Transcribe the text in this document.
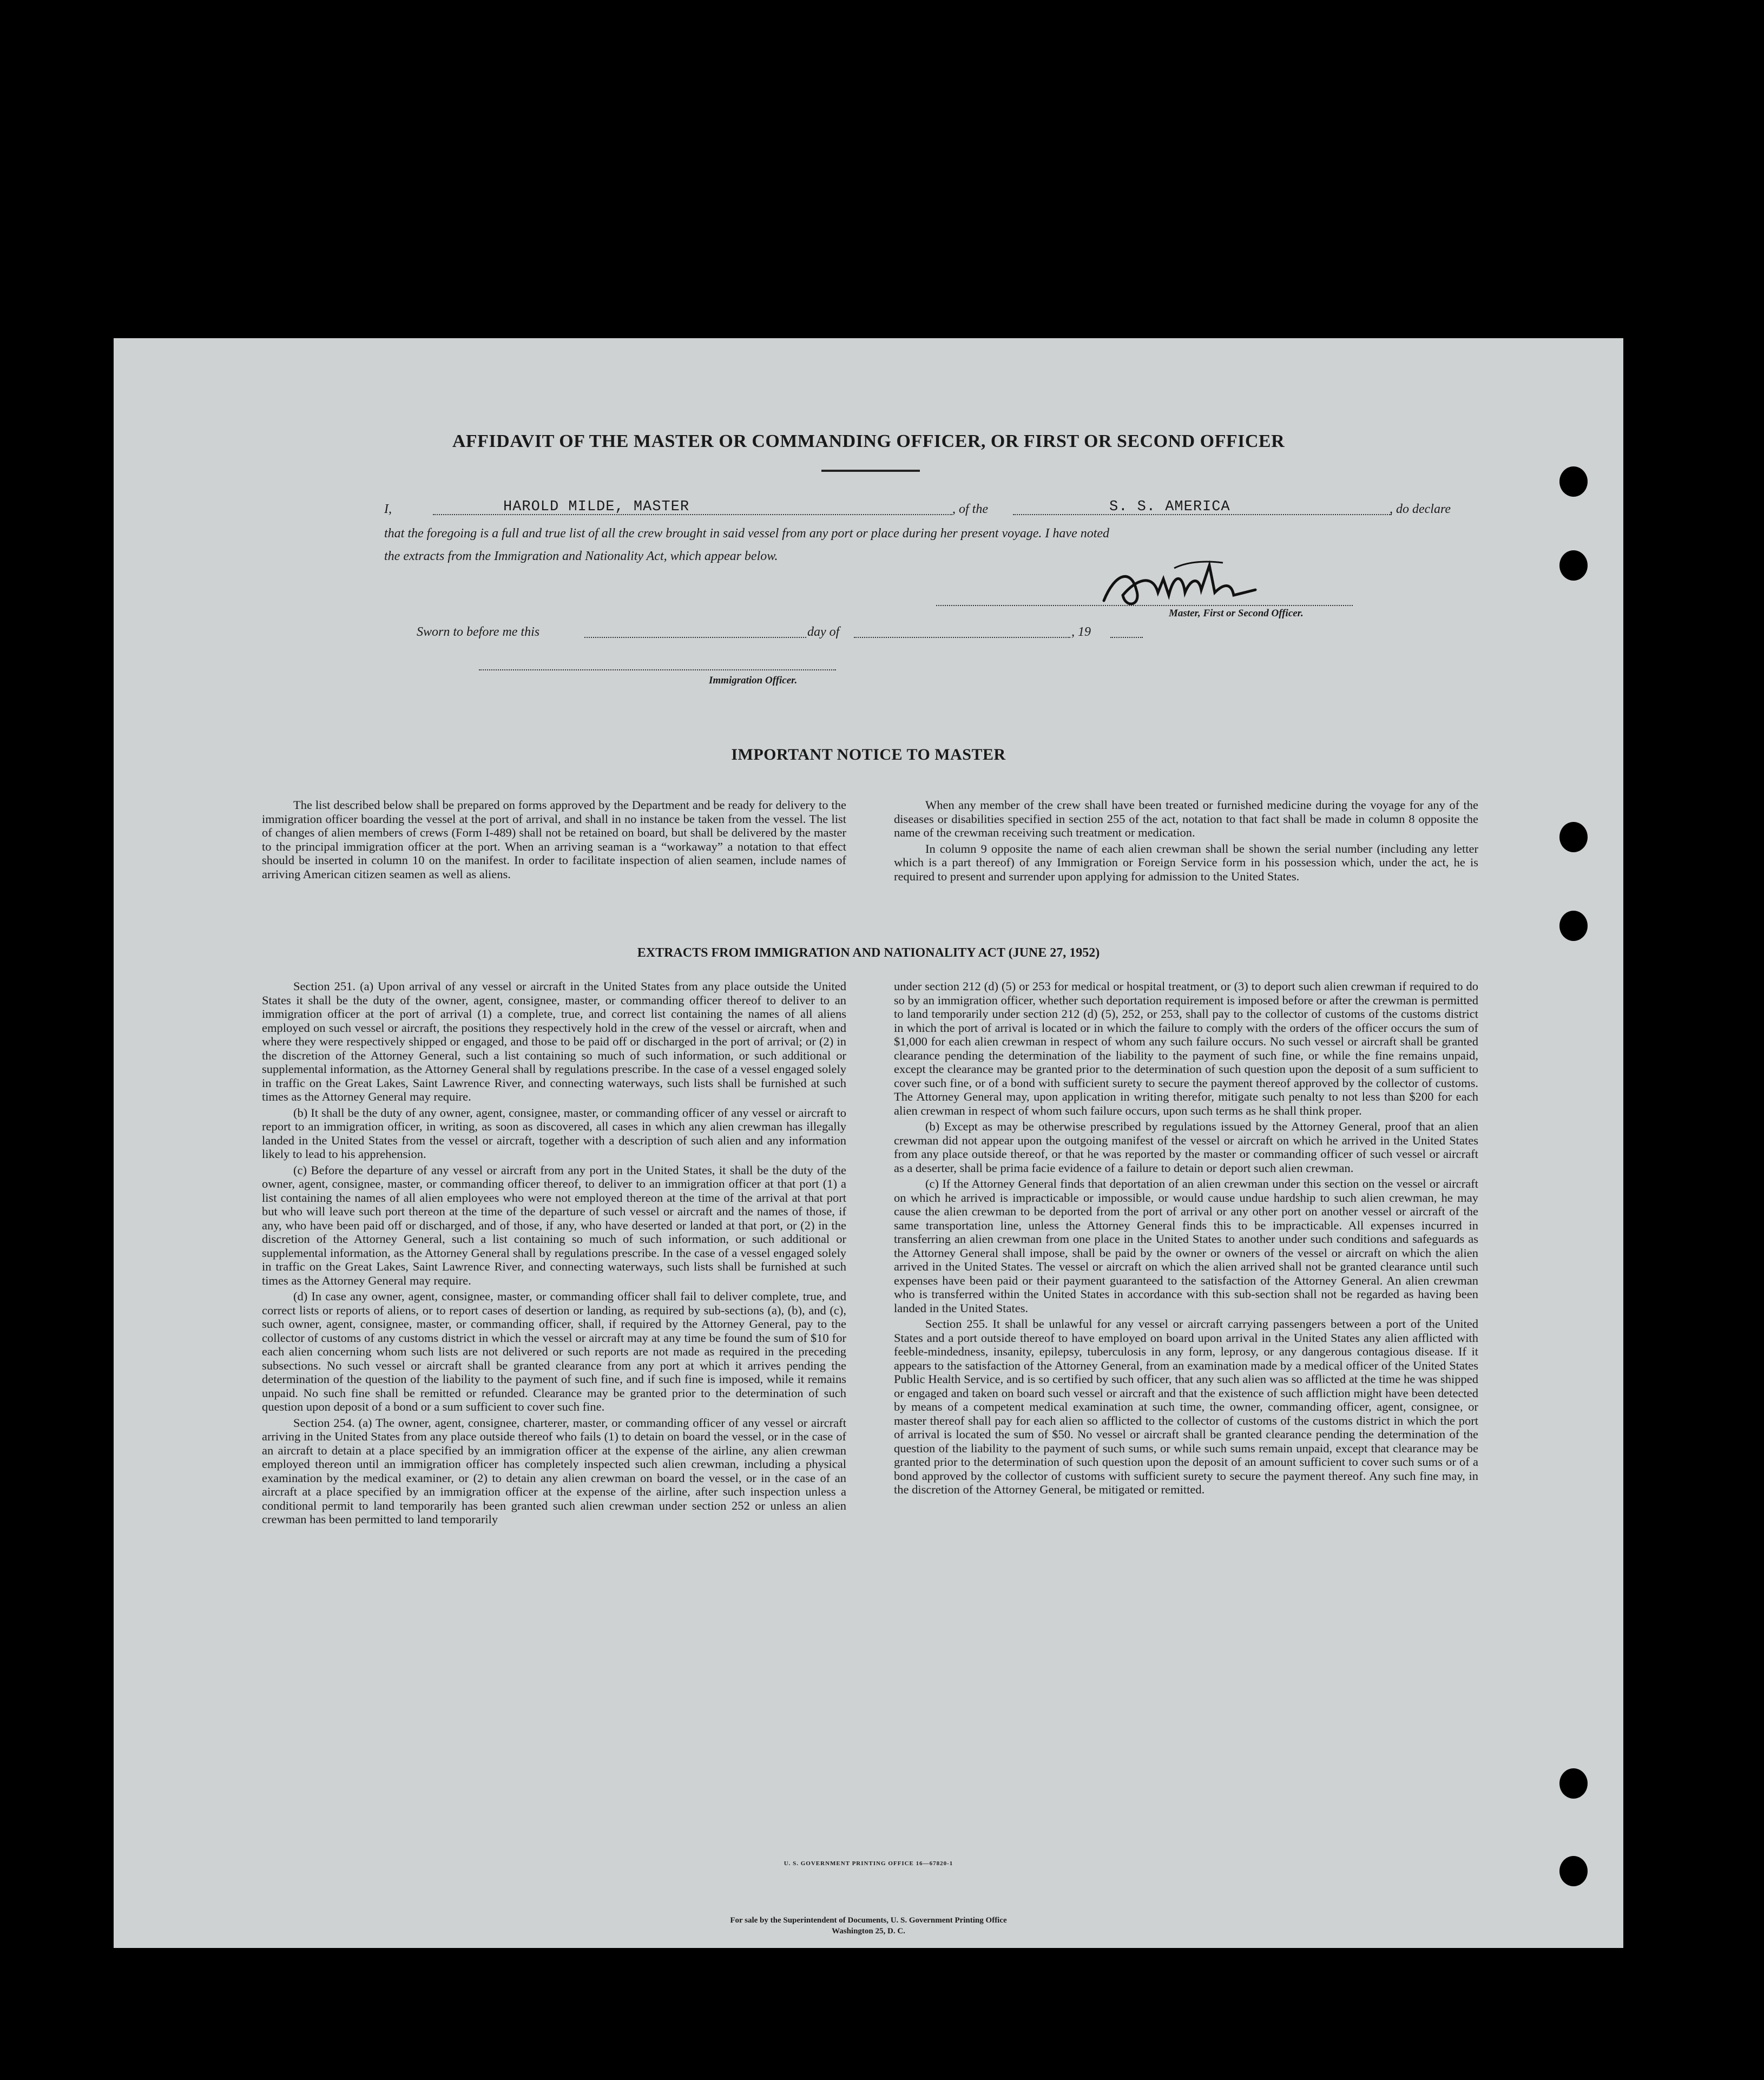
AFFIDAVIT OF THE MASTER OR COMMANDING OFFICER, OR FIRST OR SECOND OFFICER
I,	HAROLD MILDE, MASTER	, of the	S. S. AMERICA	, do declare
that the foregoing is a full and true list of all the crew brought in said vessel from any port or place during her present voyage. I have noted
the extracts from the Immigration and Nationality Act, which appear below.
Master, First or Second Officer.
Sworn to before me this	day of	, 19
Immigration Officer.
IMPORTANT NOTICE TO MASTER

The list described below shall be prepared on forms approved by the Department and be ready for delivery to the immigration officer boarding the vessel at the port of arrival, and shall in no instance be taken from the vessel. The list of changes of alien members of crews (Form I-489) shall not be retained on board, but shall be delivered by the master to the principal immigration officer at the port. When an arriving seaman is a “workaway” a notation to that effect should be inserted in column 10 on the manifest. In order to facilitate inspection of alien seamen, include names of arriving American citizen seamen as well as aliens.

When any member of the crew shall have been treated or furnished medicine during the voyage for any of the diseases or disabilities specified in section 255 of the act, notation to that fact shall be made in column 8 opposite the name of the crewman receiving such treatment or medication.

In column 9 opposite the name of each alien crewman shall be shown the serial number (including any letter which is a part thereof) of any Immigration or Foreign Service form in his possession which, under the act, he is required to present and surrender upon applying for admission to the United States.

EXTRACTS FROM IMMIGRATION AND NATIONALITY ACT (JUNE 27, 1952)

Section 251. (a) Upon arrival of any vessel or aircraft in the United States from any place outside the United States it shall be the duty of the owner, agent, consignee, master, or commanding officer thereof to deliver to an immigration officer at the port of arrival (1) a complete, true, and correct list containing the names of all aliens employed on such vessel or aircraft, the positions they respectively hold in the crew of the vessel or aircraft, when and where they were respectively shipped or engaged, and those to be paid off or discharged in the port of arrival; or (2) in the discretion of the Attorney General, such a list containing so much of such information, or such additional or supplemental information, as the Attorney General shall by regulations prescribe. In the case of a vessel engaged solely in traffic on the Great Lakes, Saint Lawrence River, and connecting waterways, such lists shall be furnished at such times as the Attorney General may require.

(b) It shall be the duty of any owner, agent, consignee, master, or commanding officer of any vessel or aircraft to report to an immigration officer, in writing, as soon as discovered, all cases in which any alien crewman has illegally landed in the United States from the vessel or aircraft, together with a description of such alien and any information likely to lead to his apprehension.

(c) Before the departure of any vessel or aircraft from any port in the United States, it shall be the duty of the owner, agent, consignee, master, or commanding officer thereof, to deliver to an immigration officer at that port (1) a list containing the names of all alien employees who were not employed thereon at the time of the arrival at that port but who will leave such port thereon at the time of the departure of such vessel or aircraft and the names of those, if any, who have been paid off or discharged, and of those, if any, who have deserted or landed at that port, or (2) in the discretion of the Attorney General, such a list containing so much of such information, or such additional or supplemental information, as the Attorney General shall by regulations prescribe. In the case of a vessel engaged solely in traffic on the Great Lakes, Saint Lawrence River, and connecting waterways, such lists shall be furnished at such times as the Attorney General may require.

(d) In case any owner, agent, consignee, master, or commanding officer shall fail to deliver complete, true, and correct lists or reports of aliens, or to report cases of desertion or landing, as required by sub-sections (a), (b), and (c), such owner, agent, consignee, master, or commanding officer, shall, if required by the Attorney General, pay to the collector of customs of any customs district in which the vessel or aircraft may at any time be found the sum of $10 for each alien concerning whom such lists are not delivered or such reports are not made as required in the preceding subsections. No such vessel or aircraft shall be granted clearance from any port at which it arrives pending the determination of the question of the liability to the payment of such fine, and if such fine is imposed, while it remains unpaid. No such fine shall be remitted or refunded. Clearance may be granted prior to the determination of such question upon deposit of a bond or a sum sufficient to cover such fine.

Section 254. (a) The owner, agent, consignee, charterer, master, or commanding officer of any vessel or aircraft arriving in the United States from any place outside thereof who fails (1) to detain on board the vessel, or in the case of an aircraft to detain at a place specified by an immigration officer at the expense of the airline, any alien crewman employed thereon until an immigration officer has completely inspected such alien crewman, including a physical examination by the medical examiner, or (2) to detain any alien crewman on board the vessel, or in the case of an aircraft at a place specified by an immigration officer at the expense of the airline, after such inspection unless a conditional permit to land temporarily has been granted such alien crewman under section 252 or unless an alien crewman has been permitted to land temporarily

under section 212 (d) (5) or 253 for medical or hospital treatment, or (3) to deport such alien crewman if required to do so by an immigration officer, whether such deportation requirement is imposed before or after the crewman is permitted to land temporarily under section 212 (d) (5), 252, or 253, shall pay to the collector of customs of the customs district in which the port of arrival is located or in which the failure to comply with the orders of the officer occurs the sum of $1,000 for each alien crewman in respect of whom any such failure occurs. No such vessel or aircraft shall be granted clearance pending the determination of the liability to the payment of such fine, or while the fine remains unpaid, except the clearance may be granted prior to the determination of such question upon the deposit of a sum sufficient to cover such fine, or of a bond with sufficient surety to secure the payment thereof approved by the collector of customs. The Attorney General may, upon application in writing therefor, mitigate such penalty to not less than $200 for each alien crewman in respect of whom such failure occurs, upon such terms as he shall think proper.

(b) Except as may be otherwise prescribed by regulations issued by the Attorney General, proof that an alien crewman did not appear upon the outgoing manifest of the vessel or aircraft on which he arrived in the United States from any place outside thereof, or that he was reported by the master or commanding officer of such vessel or aircraft as a deserter, shall be prima facie evidence of a failure to detain or deport such alien crewman.

(c) If the Attorney General finds that deportation of an alien crewman under this section on the vessel or aircraft on which he arrived is impracticable or impossible, or would cause undue hardship to such alien crewman, he may cause the alien crewman to be deported from the port of arrival or any other port on another vessel or aircraft of the same transportation line, unless the Attorney General finds this to be impracticable. All expenses incurred in transferring an alien crewman from one place in the United States to another under such conditions and safeguards as the Attorney General shall impose, shall be paid by the owner or owners of the vessel or aircraft on which the alien arrived in the United States. The vessel or aircraft on which the alien arrived shall not be granted clearance until such expenses have been paid or their payment guaranteed to the satisfaction of the Attorney General. An alien crewman who is transferred within the United States in accordance with this sub-section shall not be regarded as having been landed in the United States.

Section 255. It shall be unlawful for any vessel or aircraft carrying passengers between a port of the United States and a port outside thereof to have employed on board upon arrival in the United States any alien afflicted with feeble-mindedness, insanity, epilepsy, tuberculosis in any form, leprosy, or any dangerous contagious disease. If it appears to the satisfaction of the Attorney General, from an examination made by a medical officer of the United States Public Health Service, and is so certified by such officer, that any such alien was so afflicted at the time he was shipped or engaged and taken on board such vessel or aircraft and that the existence of such affliction might have been detected by means of a competent medical examination at such time, the owner, commanding officer, agent, consignee, or master thereof shall pay for each alien so afflicted to the collector of customs of the customs district in which the port of arrival is located the sum of $50. No vessel or aircraft shall be granted clearance pending the determination of the question of the liability to the payment of such sums, or while such sums remain unpaid, except that clearance may be granted prior to the determination of such question upon the deposit of an amount sufficient to cover such sums or of a bond approved by the collector of customs with sufficient surety to secure the payment thereof. Any such fine may, in the discretion of the Attorney General, be mitigated or remitted.

U. S. GOVERNMENT PRINTING OFFICE 16—67820-1
For sale by the Superintendent of Documents, U. S. Government Printing Office
Washington 25, D. C.
